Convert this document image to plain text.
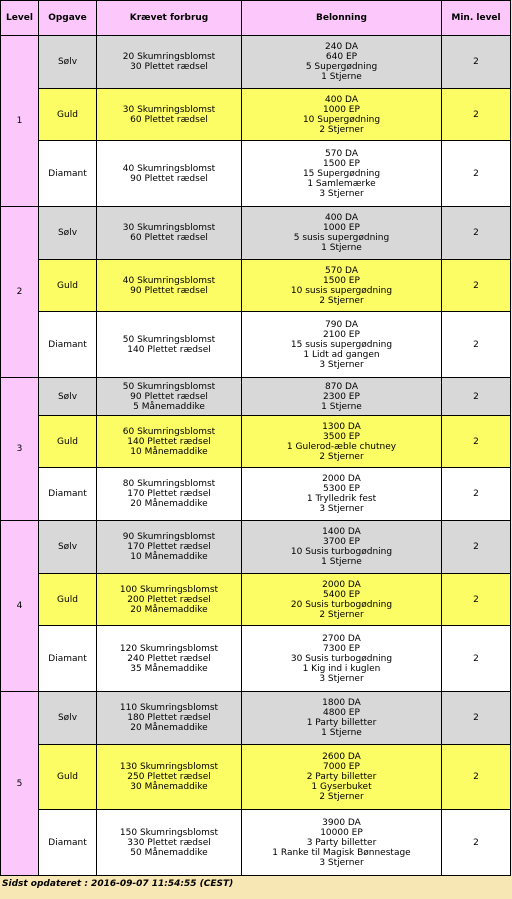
Level	Opgave	Krævet forbrug	Belonning	Min. level
1	Sølv	20 Skumringsblomst
30 Plettet rædsel	240 DA
640 EP
5 Supergødning
1 Stjerne	2
	Guld	30 Skumringsblomst
60 Plettet rædsel	400 DA
1000 EP
10 Supergødning
2 Stjerner	2
	Diamant	40 Skumringsblomst
90 Plettet rædsel	570 DA
1500 EP
15 Supergødning
1 Samlemærke
3 Stjerner	2
2	Sølv	30 Skumringsblomst
60 Plettet rædsel	400 DA
1000 EP
5 susis supergødning
1 Stjerne	2
	Guld	40 Skumringsblomst
90 Plettet rædsel	570 DA
1500 EP
10 susis supergødning
2 Stjerner	2
	Diamant	50 Skumringsblomst
140 Plettet rædsel	790 DA
2100 EP
15 susis supergødning
1 Lidt ad gangen
3 Stjerner	2
3	Sølv	50 Skumringsblomst
90 Plettet rædsel
5 Månemaddike	870 DA
2300 EP
1 Stjerne	2
	Guld	60 Skumringsblomst
140 Plettet rædsel
10 Månemaddike	1300 DA
3500 EP
1 Gulerod-æble chutney
2 Stjerner	2
	Diamant	80 Skumringsblomst
170 Plettet rædsel
20 Månemaddike	2000 DA
5300 EP
1 Trylledrik fest
3 Stjerner	2
4	Sølv	90 Skumringsblomst
170 Plettet rædsel
10 Månemaddike	1400 DA
3700 EP
10 Susis turbogødning
1 Stjerne	2
	Guld	100 Skumringsblomst
200 Plettet rædsel
20 Månemaddike	2000 DA
5400 EP
20 Susis turbogødning
2 Stjerner	2
	Diamant	120 Skumringsblomst
240 Plettet rædsel
35 Månemaddike	2700 DA
7300 EP
30 Susis turbogødning
1 Kig ind i kuglen
3 Stjerner	2
5	Sølv	110 Skumringsblomst
180 Plettet rædsel
20 Månemaddike	1800 DA
4800 EP
1 Party billetter
1 Stjerne	2
	Guld	130 Skumringsblomst
250 Plettet rædsel
30 Månemaddike	2600 DA
7000 EP
2 Party billetter
1 Gyserbuket
2 Stjerner	2
	Diamant	150 Skumringsblomst
330 Plettet rædsel
50 Månemaddike	3900 DA
10000 EP
3 Party billetter
1 Ranke til Magisk Bønnestage
3 Stjerner	2
Sidst opdateret : 2016-09-07 11:54:55 (CEST)
